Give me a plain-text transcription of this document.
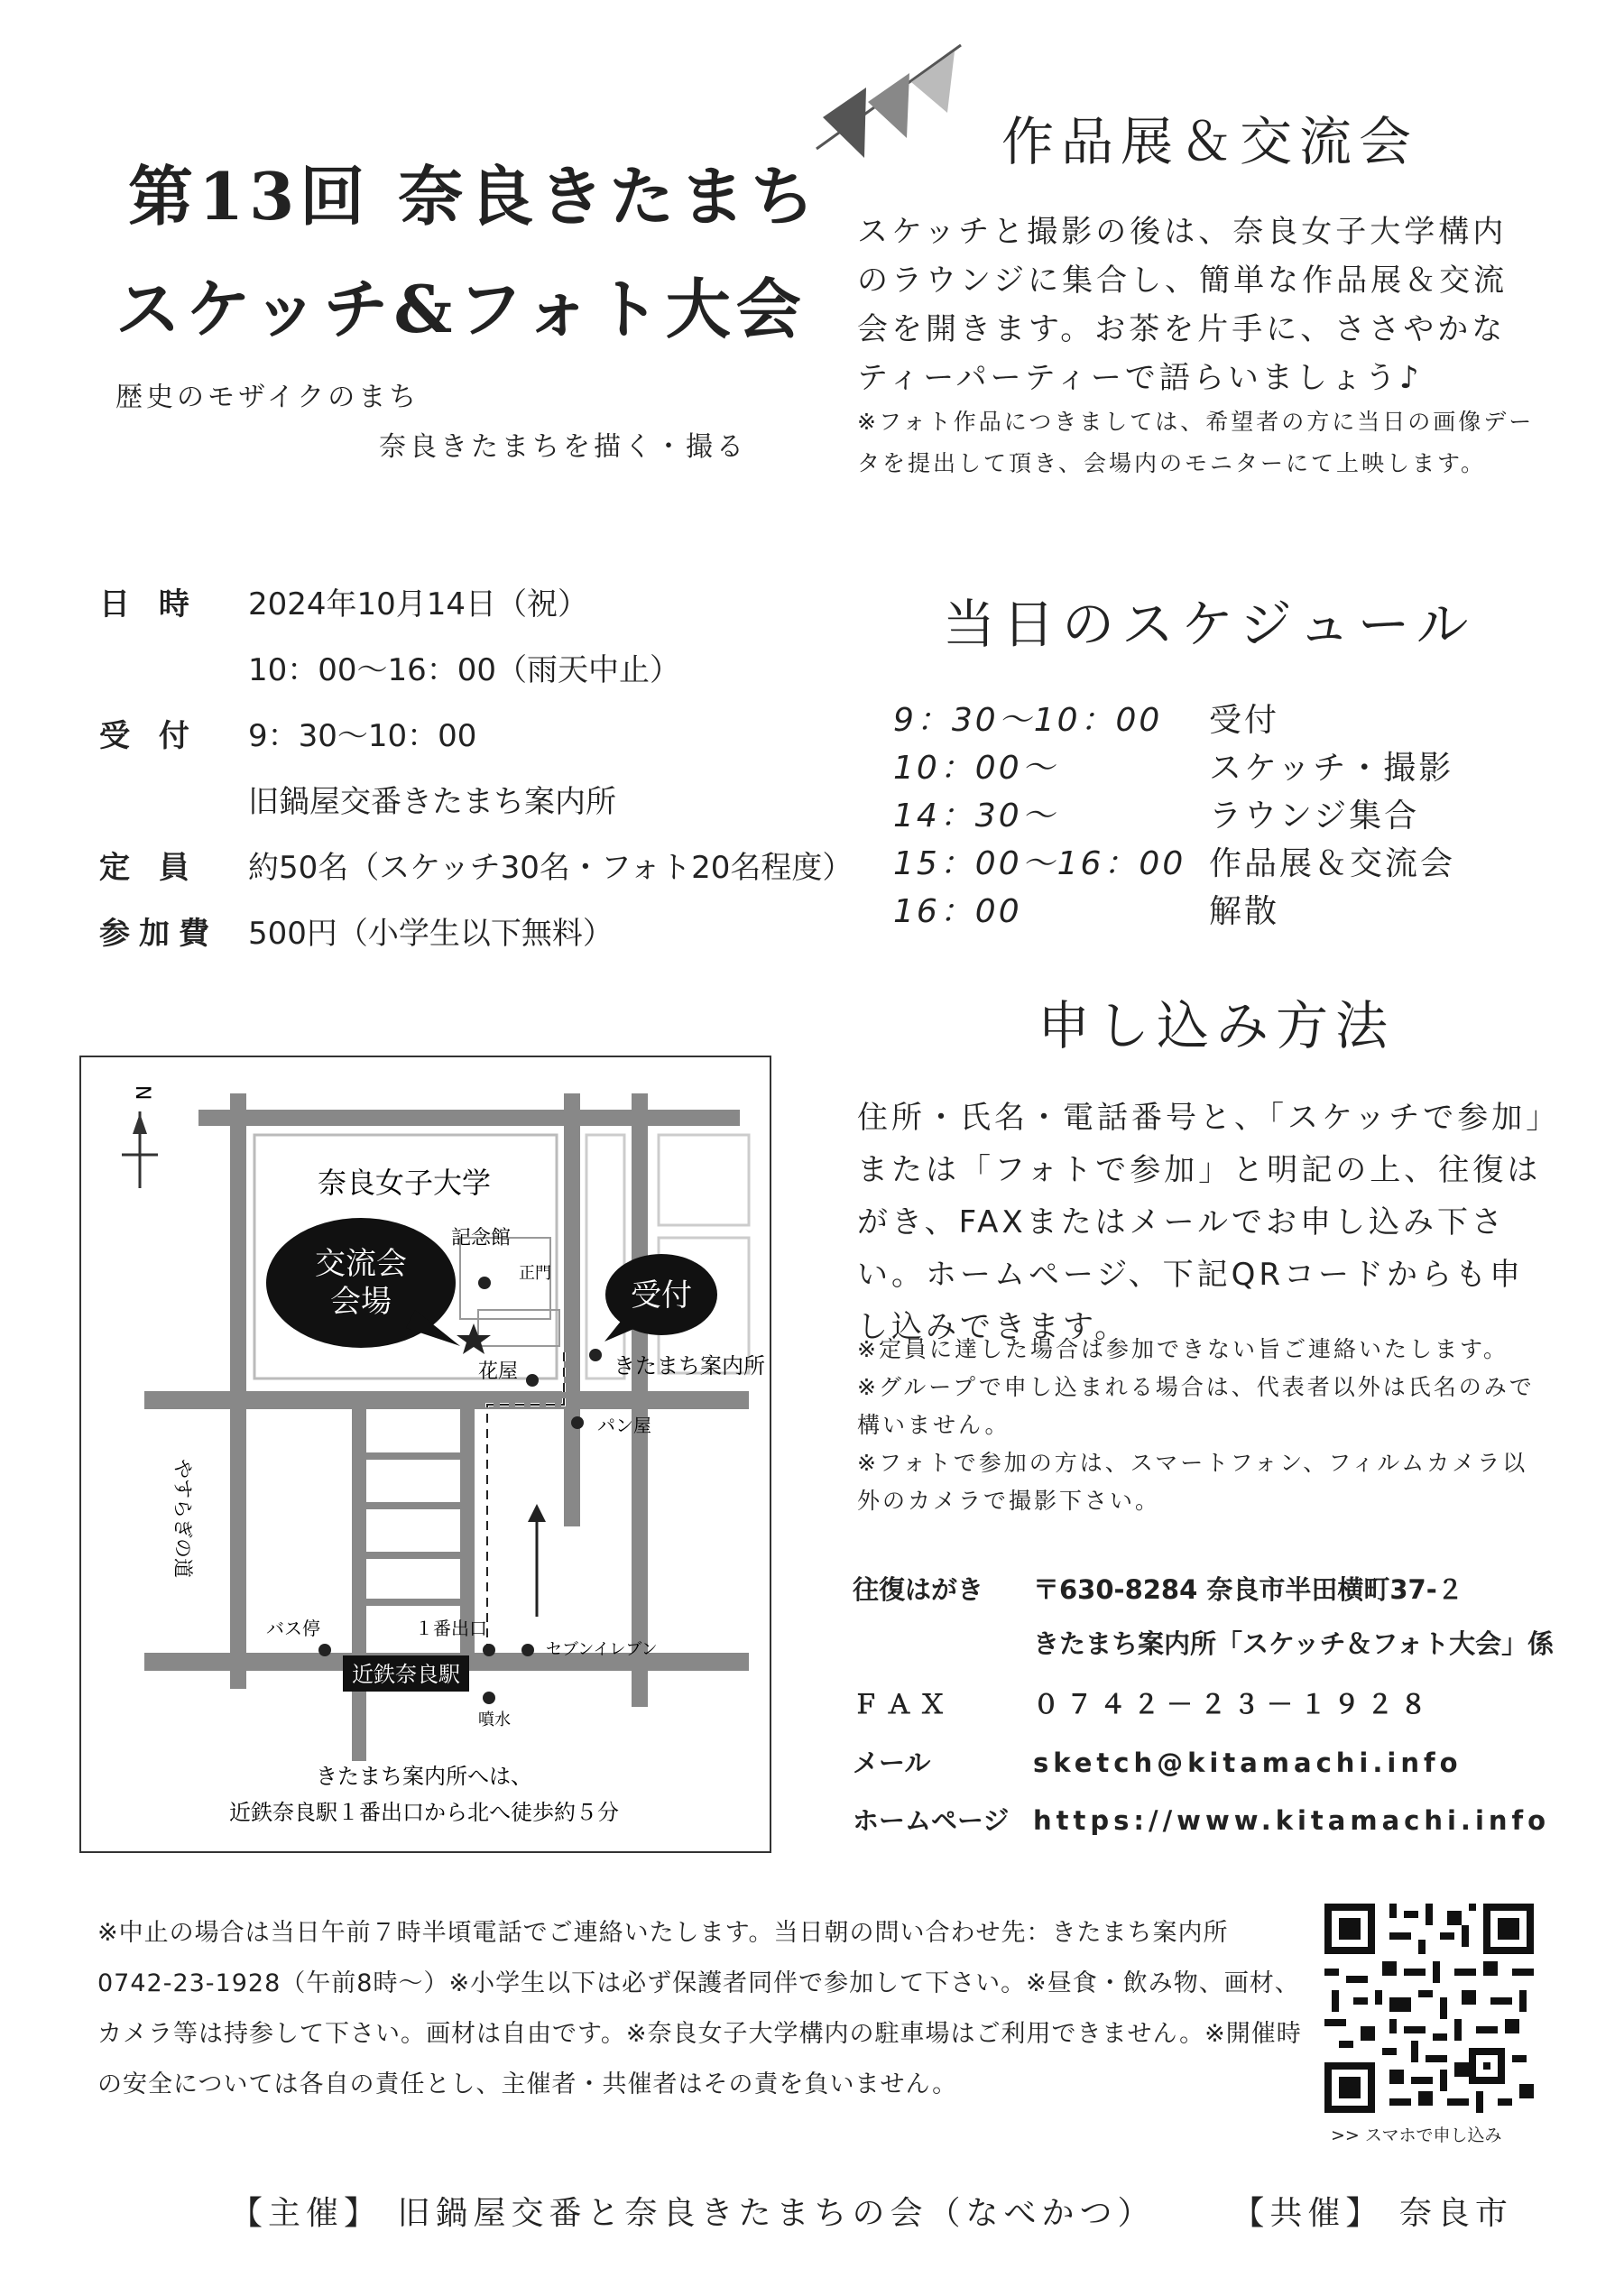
第13回 奈良きたまち
スケッチ&フォト大会
歴史のモザイクのまち
奈良きたまちを描く・撮る
日 時 2024年10月14日（祝）
10：00～16：00（雨天中止）
受 付 9：30～10：00
旧鍋屋交番きたまち案内所
定 員 約50名（スケッチ30名・フォト20名程度）
参加費 500円（小学生以下無料）
作品展＆交流会
スケッチと撮影の後は、奈良女子大学構内のラウンジに集合し、簡単な作品展＆交流会を開きます。お茶を片手に、ささやかなティーパーティーで語らいましょう♪
※フォト作品につきましては、希望者の方に当日の画像データを提出して頂き、会場内のモニターにて上映します。
当日のスケジュール
9：30～10：00 受付
10：00～	スケッチ・撮影
14：30～	ラウンジ集合
15：00～16：00 作品展＆交流会
16：00	解散
申し込み方法
住所・氏名・電話番号と、「スケッチで参加」または「フォトで参加」と明記の上、往復はがき、FAXまたはメールでお申し込み下さい。ホームページ、下記QRコードからも申し込みできます。
※定員に達した場合は参加できない旨ご連絡いたします。
※グループで申し込まれる場合は、代表者以外は氏名のみで構いません。
※フォトで参加の方は、スマートフォン、フィルムカメラ以外のカメラで撮影下さい。
往復はがき 〒630-8284 奈良市半田横町37-２
きたまち案内所「スケッチ＆フォト大会」係
ＦＡＸ	０７４２－２３－１９２８
メール	sketch@kitamachi.info
ホームページ https://www.kitamachi.info
N
奈良女子大学
記念館
正門
交流会
会場	受付
きたまち案内所
花屋
パン屋
やすらぎの道
バス停	１番出口
セブンイレブン
近鉄奈良駅
噴水
きたまち案内所へは、
近鉄奈良駅１番出口から北へ徒歩約５分
※中止の場合は当日午前７時半頃電話でご連絡いたします。当日朝の問い合わせ先：きたまち案内所 0742-23-1928（午前8時～）※小学生以下は必ず保護者同伴で参加して下さい。※昼食・飲み物、画材、カメラ等は持参して下さい。画材は自由です。※奈良女子大学構内の駐車場はご利用できません。※開催時の安全については各自の責任とし、主催者・共催者はその責を負いません。
>> スマホで申し込み
【主催】 旧鍋屋交番と奈良きたまちの会（なべかつ） 【共催】 奈良市
